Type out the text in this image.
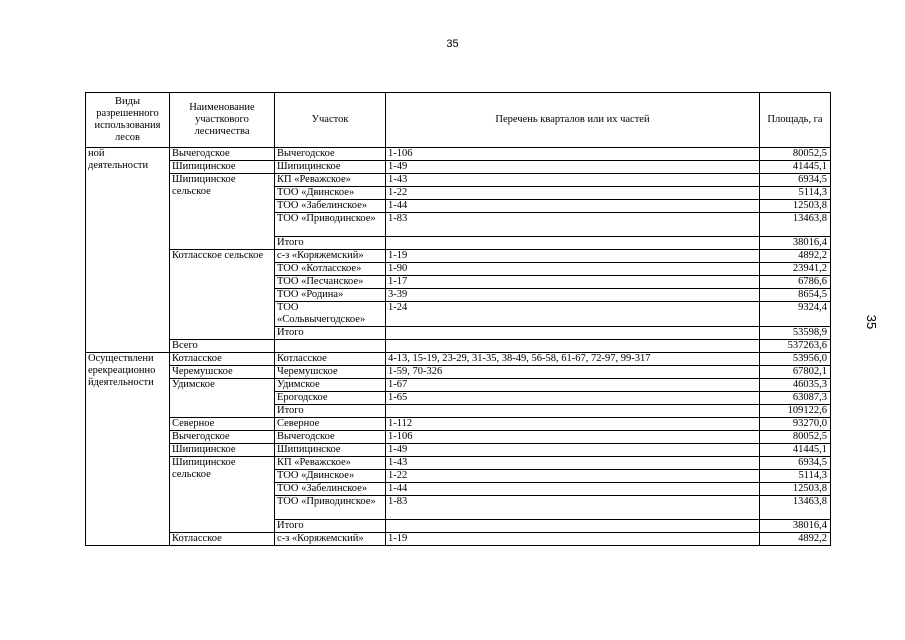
35
35
Виды разрешенного использования лесов	Наименование участкового лесничества	Участок	Перечень кварталов или их частей	Площадь, га
ной деятельности	Вычегодское	Вычегодское	1-106	80052,5
	Шипицинское	Шипицинское	1-49	41445,1
	Шипицинское сельское	КП «Реважское»	1-43	6934,5
		ТОО «Двинское»	1-22	5114,3
		ТОО «Забелинское»	1-44	12503,8
		ТОО «Приводинское»	1-83	13463,8
		Итого		38016,4
	Котласское сельское	с-з «Коряжемский»	1-19	4892,2
		ТОО «Котласское»	1-90	23941,2
		ТОО «Песчанское»	1-17	6786,6
		ТОО «Родина»	3-39	8654,5
		ТОО «Сольвычегодское»	1-24	9324,4
		Итого		53598,9
	Всего			537263,6
Осуществлени ерекреационно йдеятельности	Котласское	Котласское	4-13, 15-19, 23-29, 31-35, 38-49, 56-58, 61-67, 72-97, 99-317	53956,0
	Черемушское	Черемушское	1-59, 70-326	67802,1
	Удимское	Удимское	1-67	46035,3
		Ерогодское	1-65	63087,3
		Итого		109122,6
	Северное	Северное	1-112	93270,0
	Вычегодское	Вычегодское	1-106	80052,5
	Шипицинское	Шипицинское	1-49	41445,1
	Шипицинское сельское	КП «Реважское»	1-43	6934,5
		ТОО «Двинское»	1-22	5114,3
		ТОО «Забелинское»	1-44	12503,8
		ТОО «Приводинское»	1-83	13463,8
		Итого		38016,4
	Котласское	с-з «Коряжемский»	1-19	4892,2
